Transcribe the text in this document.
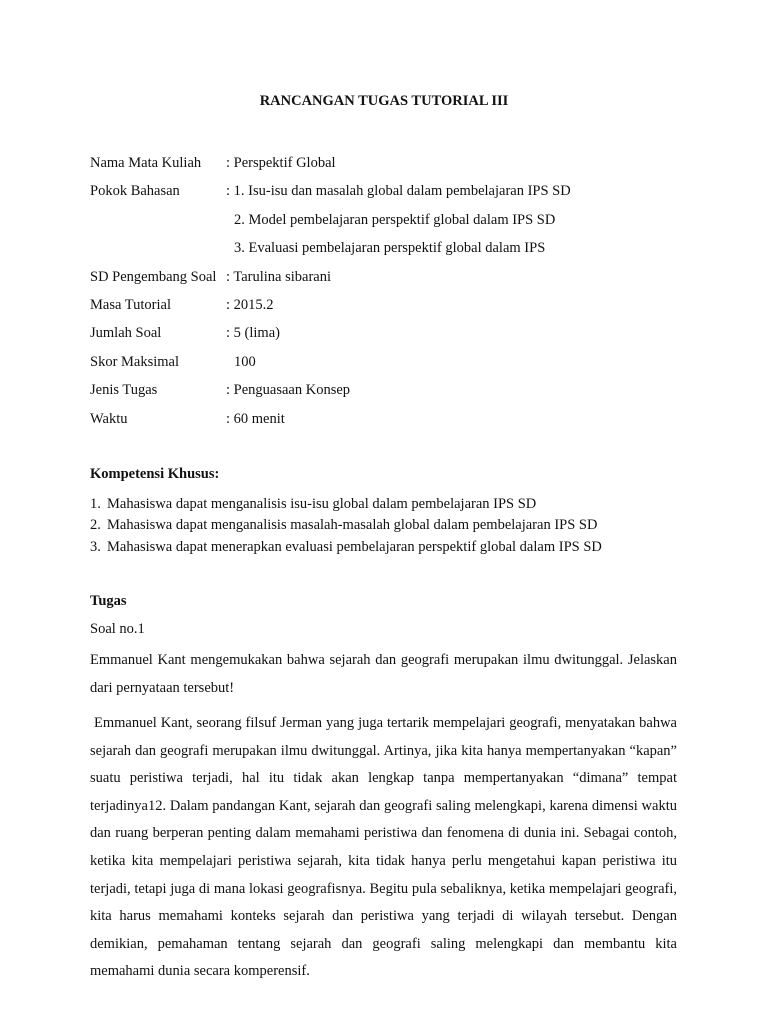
RANCANGAN TUGAS TUTORIAL III
Nama Mata Kuliah : Perspektif Global
Pokok Bahasan	: 1. Isu-isu dan masalah global dalam pembelajaran IPS SD
2. Model pembelajaran perspektif global dalam IPS SD
3. Evaluasi pembelajaran perspektif global dalam IPS
SD Pengembang Soal : Tarulina sibarani
Masa Tutorial	: 2015.2
Jumlah Soal	: 5 (lima)
Skor Maksimal	100
Jenis Tugas	: Penguasaan Konsep
Waktu	: 60 menit
Kompetensi Khusus:
1. Mahasiswa dapat menganalisis isu-isu global dalam pembelajaran IPS SD
2. Mahasiswa dapat menganalisis masalah-masalah global dalam pembelajaran IPS SD
3. Mahasiswa dapat menerapkan evaluasi pembelajaran perspektif global dalam IPS SD
Tugas
Soal no.1
Emmanuel Kant mengemukakan bahwa sejarah dan geografi merupakan ilmu dwitunggal. Jelaskan dari pernyataan tersebut!
Emmanuel Kant, seorang filsuf Jerman yang juga tertarik mempelajari geografi, menyatakan bahwa sejarah dan geografi merupakan ilmu dwitunggal. Artinya, jika kita hanya mempertanyakan “kapan” suatu peristiwa terjadi, hal itu tidak akan lengkap tanpa mempertanyakan “dimana” tempat terjadinya12. Dalam pandangan Kant, sejarah dan geografi saling melengkapi, karena dimensi waktu dan ruang berperan penting dalam memahami peristiwa dan fenomena di dunia ini. Sebagai contoh, ketika kita mempelajari peristiwa sejarah, kita tidak hanya perlu mengetahui kapan peristiwa itu terjadi, tetapi juga di mana lokasi geografisnya. Begitu pula sebaliknya, ketika mempelajari geografi, kita harus memahami konteks sejarah dan peristiwa yang terjadi di wilayah tersebut. Dengan demikian, pemahaman tentang sejarah dan geografi saling melengkapi dan membantu kita memahami dunia secara komperensif.
